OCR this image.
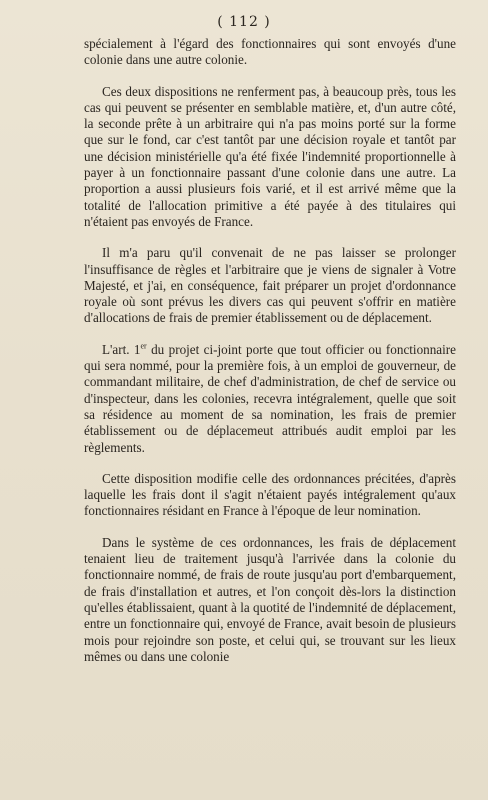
( 112 )

spécialement à l'égard des fonctionnaires qui sont envoyés d'une colonie dans une autre colonie.

Ces deux dispositions ne renferment pas, à beaucoup près, tous les cas qui peuvent se présenter en semblable matière, et, d'un autre côté, la seconde prête à un arbitraire qui n'a pas moins porté sur la forme que sur le fond, car c'est tantôt par une décision royale et tantôt par une décision ministérielle qu'a été fixée l'indemnité proportionnelle à payer à un fonctionnaire passant d'une colonie dans une autre. La proportion a aussi plusieurs fois varié, et il est arrivé même que la totalité de l'allocation primitive a été payée à des titulaires qui n'étaient pas envoyés de France.

Il m'a paru qu'il convenait de ne pas laisser se prolonger l'insuffisance de règles et l'arbitraire que je viens de signaler à Votre Majesté, et j'ai, en conséquence, fait préparer un projet d'ordonnance royale où sont prévus les divers cas qui peuvent s'offrir en matière d'allocations de frais de premier établissement ou de déplacement.

L'art. 1er du projet ci-joint porte que tout officier ou fonctionnaire qui sera nommé, pour la première fois, à un emploi de gouverneur, de commandant militaire, de chef d'administration, de chef de service ou d'inspecteur, dans les colonies, recevra intégralement, quelle que soit sa résidence au moment de sa nomination, les frais de premier établissement ou de déplacemeut attribués audit emploi par les règlements.

Cette disposition modifie celle des ordonnances précitées, d'après laquelle les frais dont il s'agit n'étaient payés intégralement qu'aux fonctionnaires résidant en France à l'époque de leur nomination.

Dans le système de ces ordonnances, les frais de déplacement tenaient lieu de traitement jusqu'à l'arrivée dans la colonie du fonctionnaire nommé, de frais de route jusqu'au port d'embarquement, de frais d'installation et autres, et l'on conçoit dès-lors la distinction qu'elles établissaient, quant à la quotité de l'indemnité de déplacement, entre un fonctionnaire qui, envoyé de France, avait besoin de plusieurs mois pour rejoindre son poste, et celui qui, se trouvant sur les lieux mêmes ou dans une colonie
